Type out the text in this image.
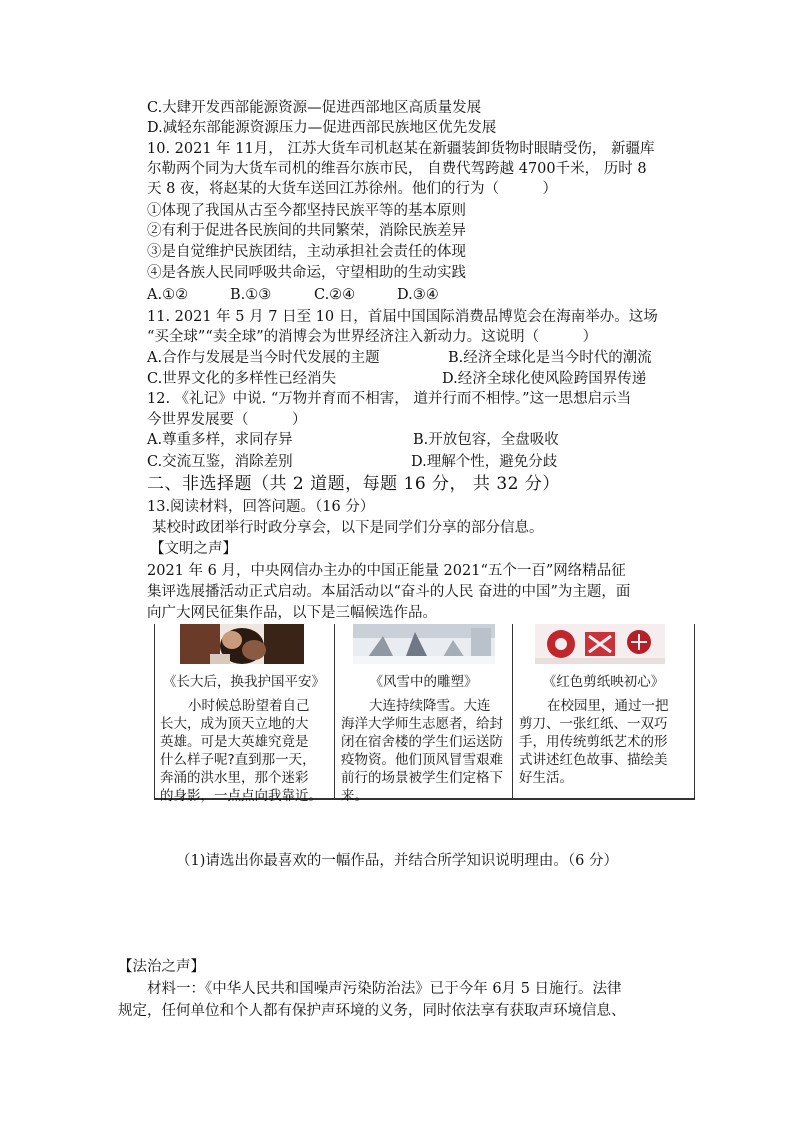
C.大肆开发西部能源资源—促进西部地区高质量发展
D.减轻东部能源资源压力—促进西部民族地区优先发展
10. 2021 年 11月， 江苏大货车司机赵某在新疆装卸货物时眼睛受伤， 新疆库
尔勒两个同为大货车司机的维吾尔族市民， 自费代驾跨越 4700千米， 历时 8
天 8 夜，将赵某的大货车送回江苏徐州。他们的行为（　　　）
①体现了我国从古至今都坚持民族平等的基本原则
②有利于促进各民族间的共同繁荣，消除民族差异
③是自觉维护民族团结，主动承担社会责任的体现
④是各族人民同呼吸共命运，守望相助的生动实践
A.①②	B.①③	C.②④	D.③④
11. 2021 年 5 月 7 日至 10 日，首届中国国际消费品博览会在海南举办。这场
“买全球”“卖全球”的消博会为世界经济注入新动力。这说明（　　　）
A.合作与发展是当今时代发展的主题	B.经济全球化是当今时代的潮流
C.世界文化的多样性已经消失	D.经济全球化使风险跨国界传递
12. 《礼记》中说. “万物并育而不相害， 道并行而不相悖。”这一思想启示当
今世界发展要（　　　）
A.尊重多样，求同存异	B.开放包容，全盘吸收
C.交流互鉴，消除差别	D.理解个性，避免分歧
二、非选择题（共 2 道题，每题 16 分， 共 32 分）
13.阅读材料，回答问题。（16 分）
某校时政团举行时政分享会，以下是同学们分享的部分信息。
【文明之声】
2021 年 6 月，中央网信办主办的中国正能量 2021“五个一百”网络精品征
集评选展播活动正式启动。本届活动以“奋斗的人民 奋进的中国”为主题，面
向广大网民征集作品，以下是三幅候选作品。
《长大后，换我护国平安》
小时候总盼望着自己
长大，成为顶天立地的大
英雄。可是大英雄究竟是
什么样子呢?直到那一天，
奔涌的洪水里，那个迷彩
的身影，一点点向我靠近。
《风雪中的雕塑》
大连持续降雪。大连
海洋大学师生志愿者，给封
闭在宿舍楼的学生们运送防
疫物资。他们顶风冒雪艰难
前行的场景被学生们定格下
来。
《红色剪纸映初心》
在校园里，通过一把
剪刀、一张红纸、一双巧
手，用传统剪纸艺术的形
式讲述红色故事、描绘美
好生活。
（1)请选出你最喜欢的一幅作品，并结合所学知识说明理由。（6 分）
【法治之声】
材料一：《中华人民共和国噪声污染防治法》已于今年 6月 5 日施行。法律
规定，任何单位和个人都有保护声环境的义务，同时依法享有获取声环境信息、
